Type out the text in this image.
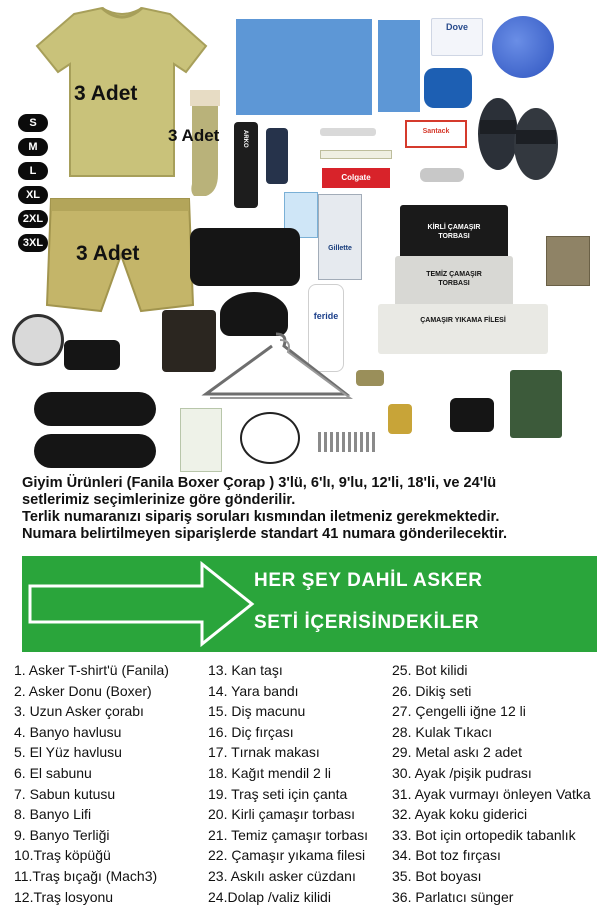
3 Adet
S
M
L
XL
2XL
3XL
3 Adet
3 Adet
Dove
ARKO	Santack
Colgate
Gillette
KİRLİ ÇAMAŞIR TORBASI
TEMİZ ÇAMAŞIR TORBASI
ÇAMAŞIR YIKAMA FİLESİ
feride
Giyim Ürünleri (Fanila Boxer Çorap ) 3'lü, 6'lı, 9'lu, 12'li, 18'li, ve 24'lü
setlerimiz seçimlerinize göre gönderilir.
Terlik numaranızı sipariş soruları kısmından iletmeniz gerekmektedir.
Numara belirtilmeyen siparişlerde standart 41 numara gönderilecektir.
HER ŞEY DAHİL ASKER
SETİ İÇERİSİNDEKİLER
1. Asker T-shirt'ü (Fanila)
2. Asker Donu (Boxer)
3. Uzun Asker çorabı
4. Banyo havlusu
5. El Yüz havlusu
6. El sabunu
7. Sabun kutusu
8. Banyo Lifi
9. Banyo Terliği
10.Traş köpüğü
11.Traş bıçağı (Mach3)
12.Traş losyonu
13. Kan taşı
14. Yara bandı
15. Diş macunu
16. Diç fırçası
17. Tırnak makası
18. Kağıt mendil 2 li
19. Traş seti için çanta
20. Kirli çamaşır torbası
21. Temiz çamaşır torbası
22. Çamaşır yıkama filesi
23. Askılı asker cüzdanı
24.Dolap /valiz kilidi
25. Bot kilidi
26. Dikiş seti
27. Çengelli iğne 12 li
28. Kulak Tıkacı
29. Metal askı 2 adet
30. Ayak /pişik pudrası
31. Ayak vurmayı önleyen Vatka
32. Ayak koku giderici
33. Bot için ortopedik tabanlık
34. Bot toz fırçası
35. Bot boyası
36. Parlatıcı sünger
